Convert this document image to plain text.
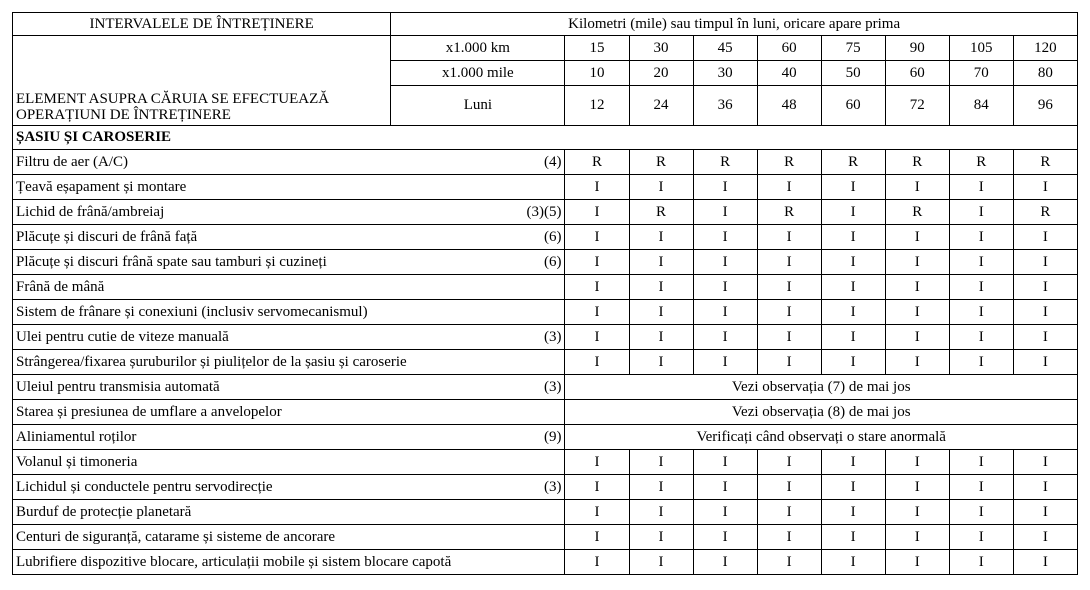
INTERVALELE DE ÎNTREȚINERE	Kilometri (mile) sau timpul în luni, oricare apare prima								

ELEMENT ASUPRA CĂRUIA SE EFECTUEAZĂ OPERAȚIUNI DE ÎNTREȚINERE	x1.000 km	15	30	45	60	75	90	105	120
	x1.000 mile	10	20	30	40	50	60	70	80
	Luni	12	24	36	48	60	72	84	96
ȘASIU ȘI CAROSERIE									

Filtru de aer (A/C) (4)		R	R	R	R	R	R	R	R

Țeavă eșapament și montare		I	I	I	I	I	I	I	I

Lichid de frână/ambreiaj (3)(5)		I	R	I	R	I	R	I	R

Plăcuțe și discuri de frână față (6)		I	I	I	I	I	I	I	I

Plăcuțe și discuri frână spate sau tamburi și cuzineți (6)		I	I	I	I	I	I	I	I

Frână de mână		I	I	I	I	I	I	I	I

Sistem de frânare și conexiuni (inclusiv servomecanismul)		I	I	I	I	I	I	I	I

Ulei pentru cutie de viteze manuală (3)		I	I	I	I	I	I	I	I

Strângerea/fixarea șuruburilor și piulițelor de la șasiu și caroserie		I	I	I	I	I	I	I	I

Uleiul pentru transmisia automată (3)		Vezi observația (7) de mai jos							

Starea și presiunea de umflare a anvelopelor		Vezi observația (8) de mai jos							

Aliniamentul roților (9)		Verificați când observați o stare anormală							

Volanul și timoneria		I	I	I	I	I	I	I	I

Lichidul și conductele pentru servodirecție (3)		I	I	I	I	I	I	I	I

Burduf de protecție planetară		I	I	I	I	I	I	I	I

Centuri de siguranță, catarame și sisteme de ancorare		I	I	I	I	I	I	I	I

Lubrifiere dispozitive blocare, articulații mobile și sistem blocare capotă		I	I	I	I	I	I	I	I
